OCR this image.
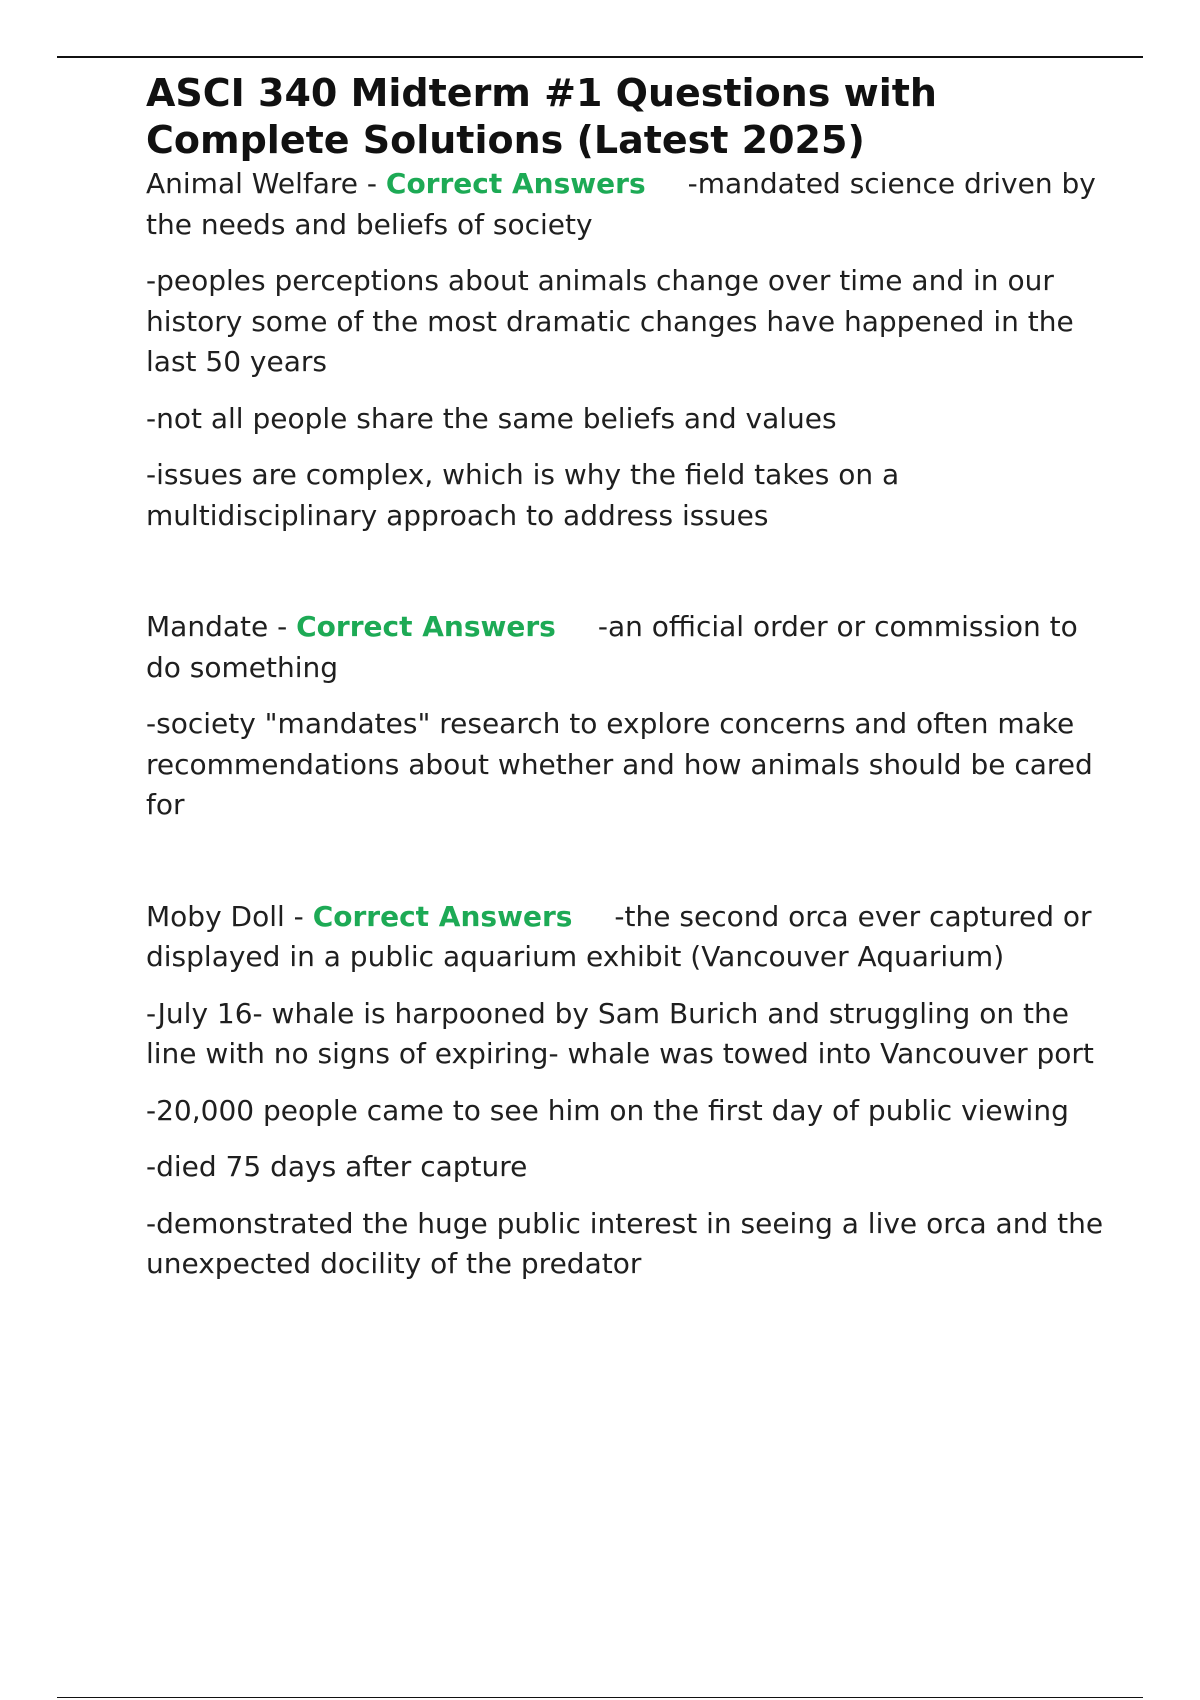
ASCI 340 Midterm #1 Questions with Complete Solutions (Latest 2025)

Animal Welfare - Correct Answers -mandated science driven by the needs and beliefs of society

-peoples perceptions about animals change over time and in our history some of the most dramatic changes have happened in the last 50 years

-not all people share the same beliefs and values

-issues are complex, which is why the field takes on a multidisciplinary approach to address issues

Mandate - Correct Answers -an official order or commission to do something

-society "mandates" research to explore concerns and often make recommendations about whether and how animals should be cared for

Moby Doll - Correct Answers -the second orca ever captured or displayed in a public aquarium exhibit (Vancouver Aquarium)

-July 16- whale is harpooned by Sam Burich and struggling on the line with no signs of expiring- whale was towed into Vancouver port

-20,000 people came to see him on the first day of public viewing

-died 75 days after capture

-demonstrated the huge public interest in seeing a live orca and the unexpected docility of the predator
